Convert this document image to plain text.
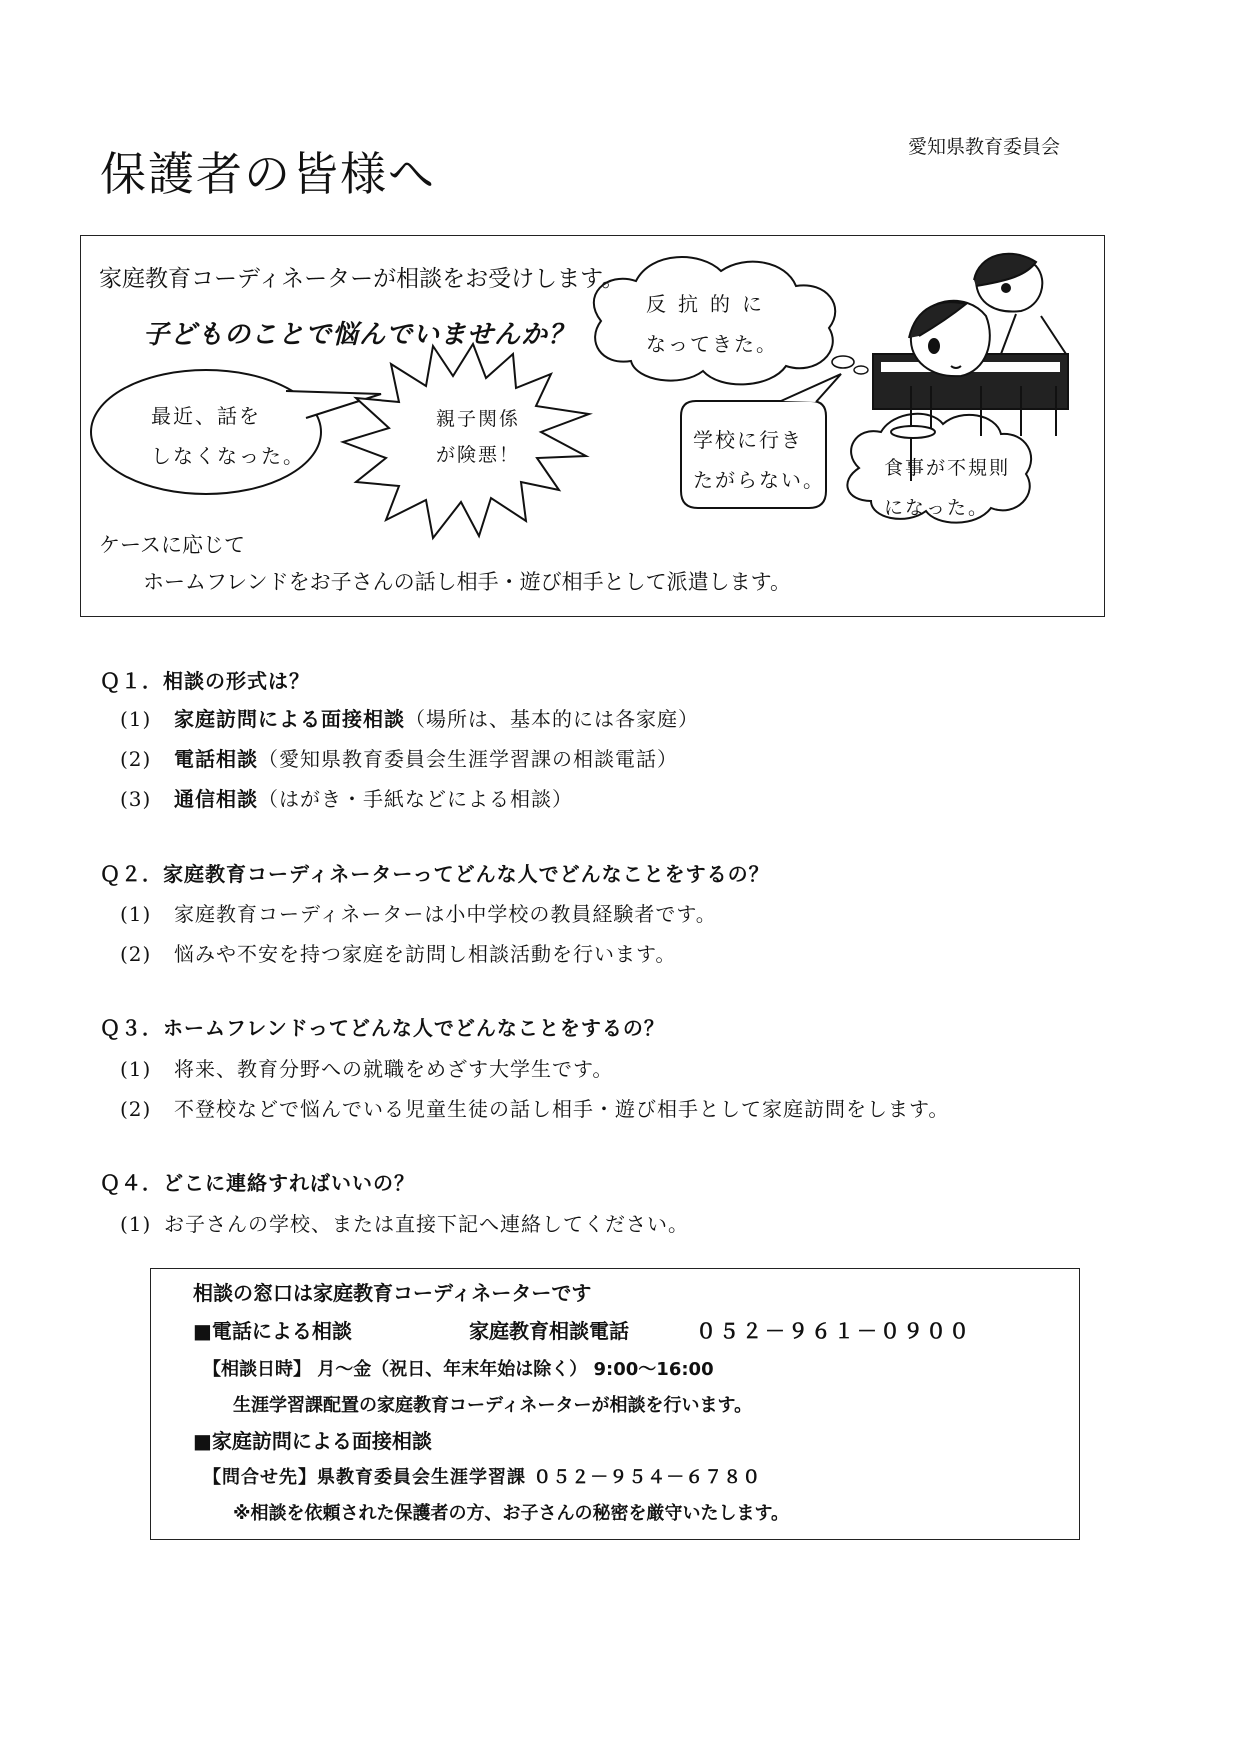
保護者の皆様へ	愛知県教育委員会
家庭教育コーディネーターが相談をお受けします。
子どものことで悩んでいませんか？
最近、話を
しなくなった。
親子関係
が険悪！
反抗的に
なってきた。
学校に行き
たがらない。	食事が不規則
になった。
ケースに応じて
ホームフレンドをお子さんの話し相手・遊び相手として派遣します。
Ｑ１．相談の形式は？
(1) 家庭訪問による面接相談（場所は、基本的には各家庭）
(2) 電話相談（愛知県教育委員会生涯学習課の相談電話）
(3) 通信相談（はがき・手紙などによる相談）
Ｑ２．家庭教育コーディネーターってどんな人でどんなことをするの？
(1) 家庭教育コーディネーターは小中学校の教員経験者です。
(2) 悩みや不安を持つ家庭を訪問し相談活動を行います。
Ｑ３．ホームフレンドってどんな人でどんなことをするの？
(1) 将来、教育分野への就職をめざす大学生です。
(2) 不登校などで悩んでいる児童生徒の話し相手・遊び相手として家庭訪問をします。
Ｑ４．どこに連絡すればいいの？
(1) お子さんの学校、または直接下記へ連絡してください。
相談の窓口は家庭教育コーディネーターです
■電話による相談	家庭教育相談電話	０５２－９６１－０９００
【相談日時】 月～金（祝日、年末年始は除く） 9:00～16:00
生涯学習課配置の家庭教育コーディネーターが相談を行います。
■家庭訪問による面接相談
【問合せ先】県教育委員会生涯学習課 ０５２－９５４－６７８０
※相談を依頼された保護者の方、お子さんの秘密を厳守いたします。
